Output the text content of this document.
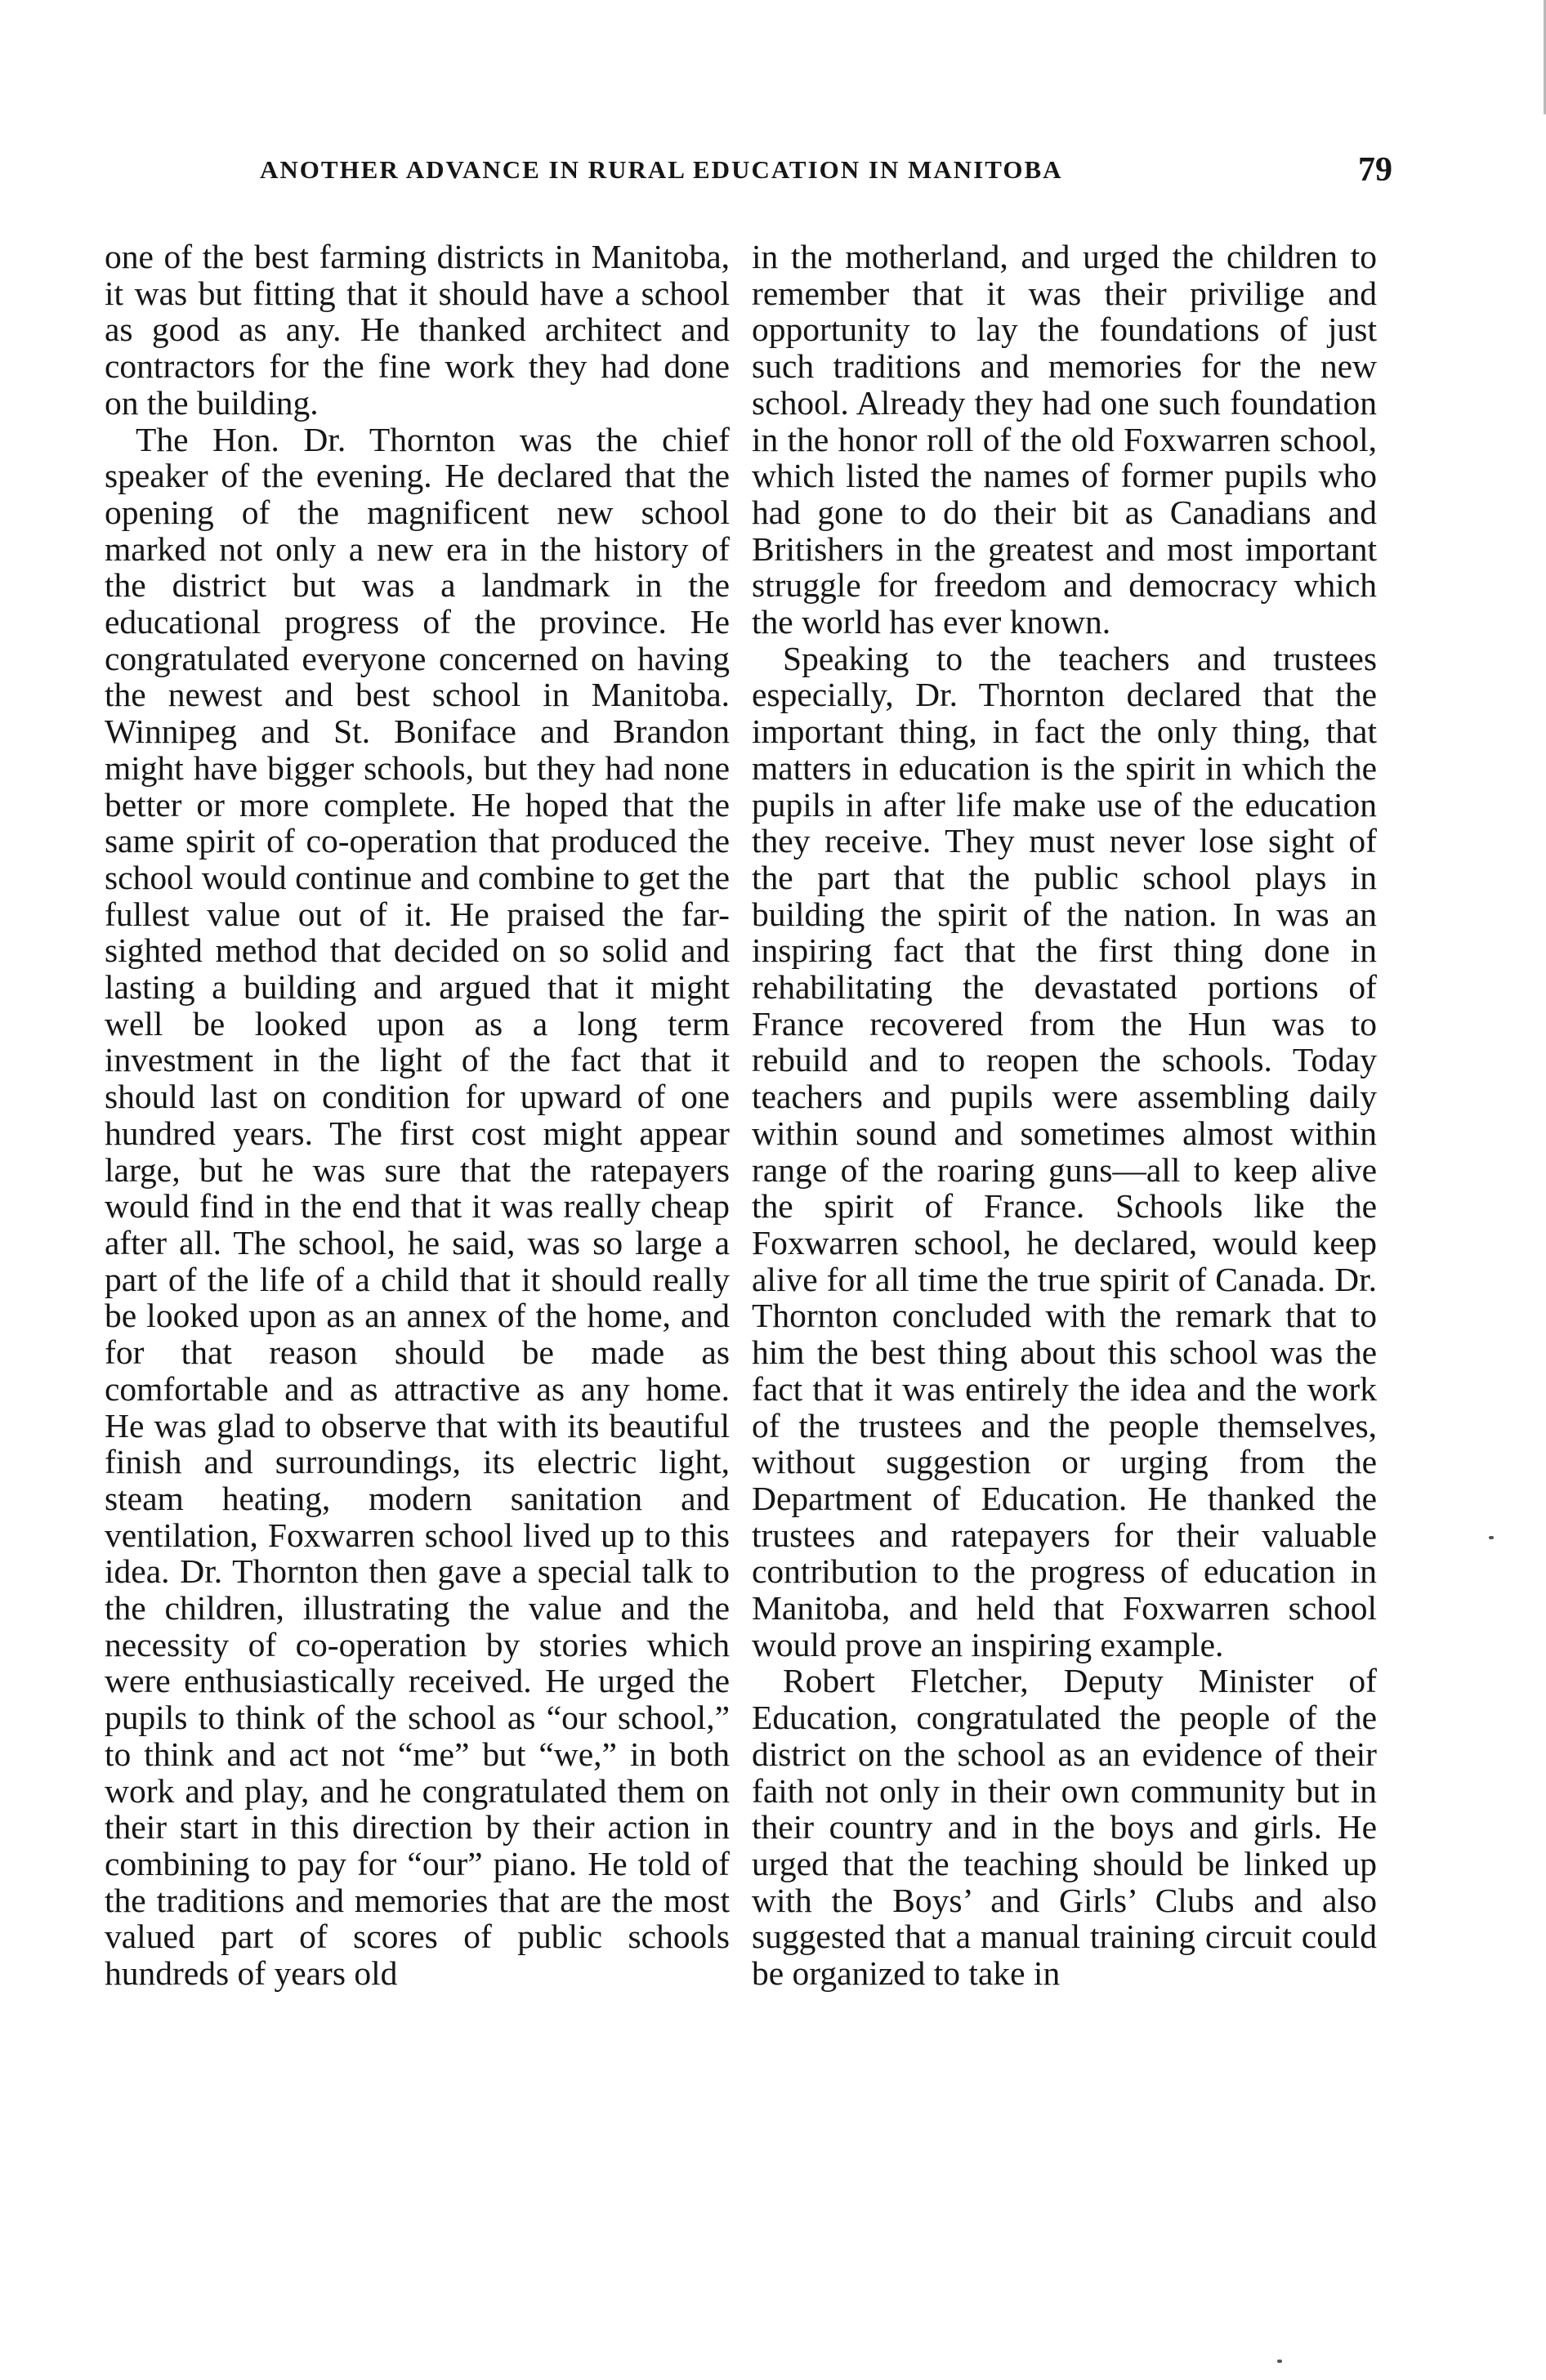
ANOTHER ADVANCE IN RURAL EDUCATION IN MANITOBA	79

one of the best farming districts in Manitoba, it was but fitting that it should have a school as good as any. He thanked architect and contractors for the fine work they had done on the building.

The Hon. Dr. Thornton was the chief speaker of the evening. He declared that the opening of the magnificent new school marked not only a new era in the history of the district but was a landmark in the educational progress of the province. He congratulated everyone concerned on having the newest and best school in Manitoba. Winnipeg and St. Boniface and Brandon might have bigger schools, but they had none better or more complete. He hoped that the same spirit of co-operation that produced the school would continue and combine to get the fullest value out of it. He praised the far-sighted method that decided on so solid and lasting a building and argued that it might well be looked upon as a long term investment in the light of the fact that it should last on condition for upward of one hundred years. The first cost might appear large, but he was sure that the ratepayers would find in the end that it was really cheap after all. The school, he said, was so large a part of the life of a child that it should really be looked upon as an annex of the home, and for that reason should be made as comfortable and as attractive as any home. He was glad to observe that with its beautiful finish and surroundings, its electric light, steam heating, modern sanitation and ventilation, Foxwarren school lived up to this idea. Dr. Thornton then gave a special talk to the children, illustrating the value and the necessity of co-operation by stories which were enthusiastically received. He urged the pupils to think of the school as “our school,” to think and act not “me” but “we,” in both work and play, and he congratulated them on their start in this direction by their action in combining to pay for “our” piano. He told of the traditions and memories that are the most valued part of scores of public schools hundreds of years old

in the motherland, and urged the children to remember that it was their privilige and opportunity to lay the foundations of just such traditions and memories for the new school. Already they had one such foundation in the honor roll of the old Foxwarren school, which listed the names of former pupils who had gone to do their bit as Canadians and Britishers in the greatest and most important struggle for freedom and democracy which the world has ever known.

Speaking to the teachers and trustees especially, Dr. Thornton declared that the important thing, in fact the only thing, that matters in education is the spirit in which the pupils in after life make use of the education they receive. They must never lose sight of the part that the public school plays in building the spirit of the nation. In was an inspiring fact that the first thing done in rehabilitating the devastated portions of France recovered from the Hun was to rebuild and to reopen the schools. Today teachers and pupils were assembling daily within sound and sometimes almost within range of the roaring guns—all to keep alive the spirit of France. Schools like the Foxwarren school, he declared, would keep alive for all time the true spirit of Canada. Dr. Thornton concluded with the remark that to him the best thing about this school was the fact that it was entirely the idea and the work of the trustees and the people themselves, without suggestion or urging from the Department of Education. He thanked the trustees and ratepayers for their valuable contribution to the progress of education in Manitoba, and held that Foxwarren school would prove an inspiring example.

Robert Fletcher, Deputy Minister of Education, congratulated the people of the district on the school as an evidence of their faith not only in their own community but in their country and in the boys and girls. He urged that the teaching should be linked up with the Boys’ and Girls’ Clubs and also suggested that a manual training circuit could be organized to take in
